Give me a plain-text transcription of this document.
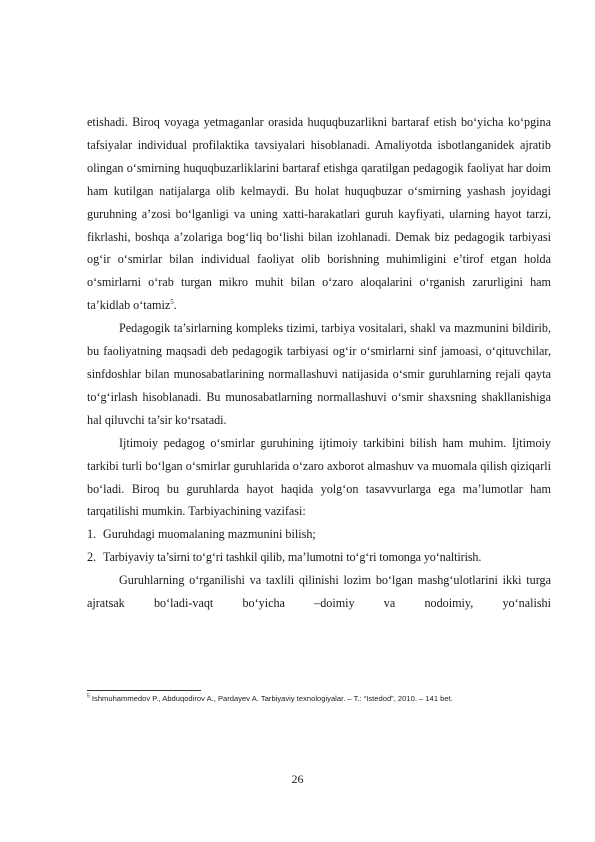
etishadi. Biroq voyaga yetmaganlar orasida huquqbuzarlikni bartaraf etish bo‘yicha ko‘pgina tafsiyalar individual profilaktika tavsiyalari hisoblanadi. Amaliyotda isbotlanganidek ajratib olingan o‘smirning huquqbuzarliklarini bartaraf etishga qaratilgan pedagogik faoliyat har doim ham kutilgan natijalarga olib kelmaydi. Bu holat huquqbuzar o‘smirning yashash joyidagi guruhning a’zosi bo‘lganligi va uning xatti-harakatlari guruh kayfiyati, ularning hayot tarzi, fikrlashi, boshqa a’zolariga bog‘liq bo‘lishi bilan izohlanadi. Demak biz pedagogik tarbiyasi og‘ir o‘smirlar bilan individual faoliyat olib borishning muhimligini e’tirof etgan holda o‘smirlarni o‘rab turgan mikro muhit bilan o‘zaro aloqalarini o‘rganish zarurligini ham ta’kidlab o‘tamiz$^5$.

Pedagogik ta’sirlarning kompleks tizimi, tarbiya vositalari, shakl va mazmunini bildirib, bu faoliyatning maqsadi deb pedagogik tarbiyasi og‘ir o‘smirlarni sinf jamoasi, o‘qituvchilar, sinfdoshlar bilan munosabatlarining normallashuvi natijasida o‘smir guruhlarning rejali qayta to‘g‘irlash hisoblanadi. Bu munosabatlarning normallashuvi o‘smir shaxsning shakllanishiga hal qiluvchi ta’sir ko‘rsatadi.

Ijtimoiy pedagog o‘smirlar guruhining ijtimoiy tarkibini bilish ham muhim. Ijtimoiy tarkibi turli bo‘lgan o‘smirlar guruhlarida o‘zaro axborot almashuv va muomala qilish qiziqarli bo‘ladi. Biroq bu guruhlarda hayot haqida yolg‘on tasavvurlarga ega ma’lumotlar ham tarqatilishi mumkin. Tarbiyachining vazifasi:

1. Guruhdagi muomalaning mazmunini bilish;
2. Tarbiyaviy ta’sirni to‘g‘ri tashkil qilib, ma’lumotni to‘g‘ri tomonga yo‘naltirish.

Guruhlarning o‘rganilishi va taxlili qilinishi lozim bo‘lgan mashg‘ulotlarini ikki turga ajratsak bo‘ladi-vaqt bo‘yicha –doimiy va nodoimiy, yo‘nalishi

$^5$ Ishmuhammedov P., Abduqodirov A., Pardayev A. Tarbiyaviy texnologiyalar. – T.: “Istedod”, 2010. – 141 bet.
26
